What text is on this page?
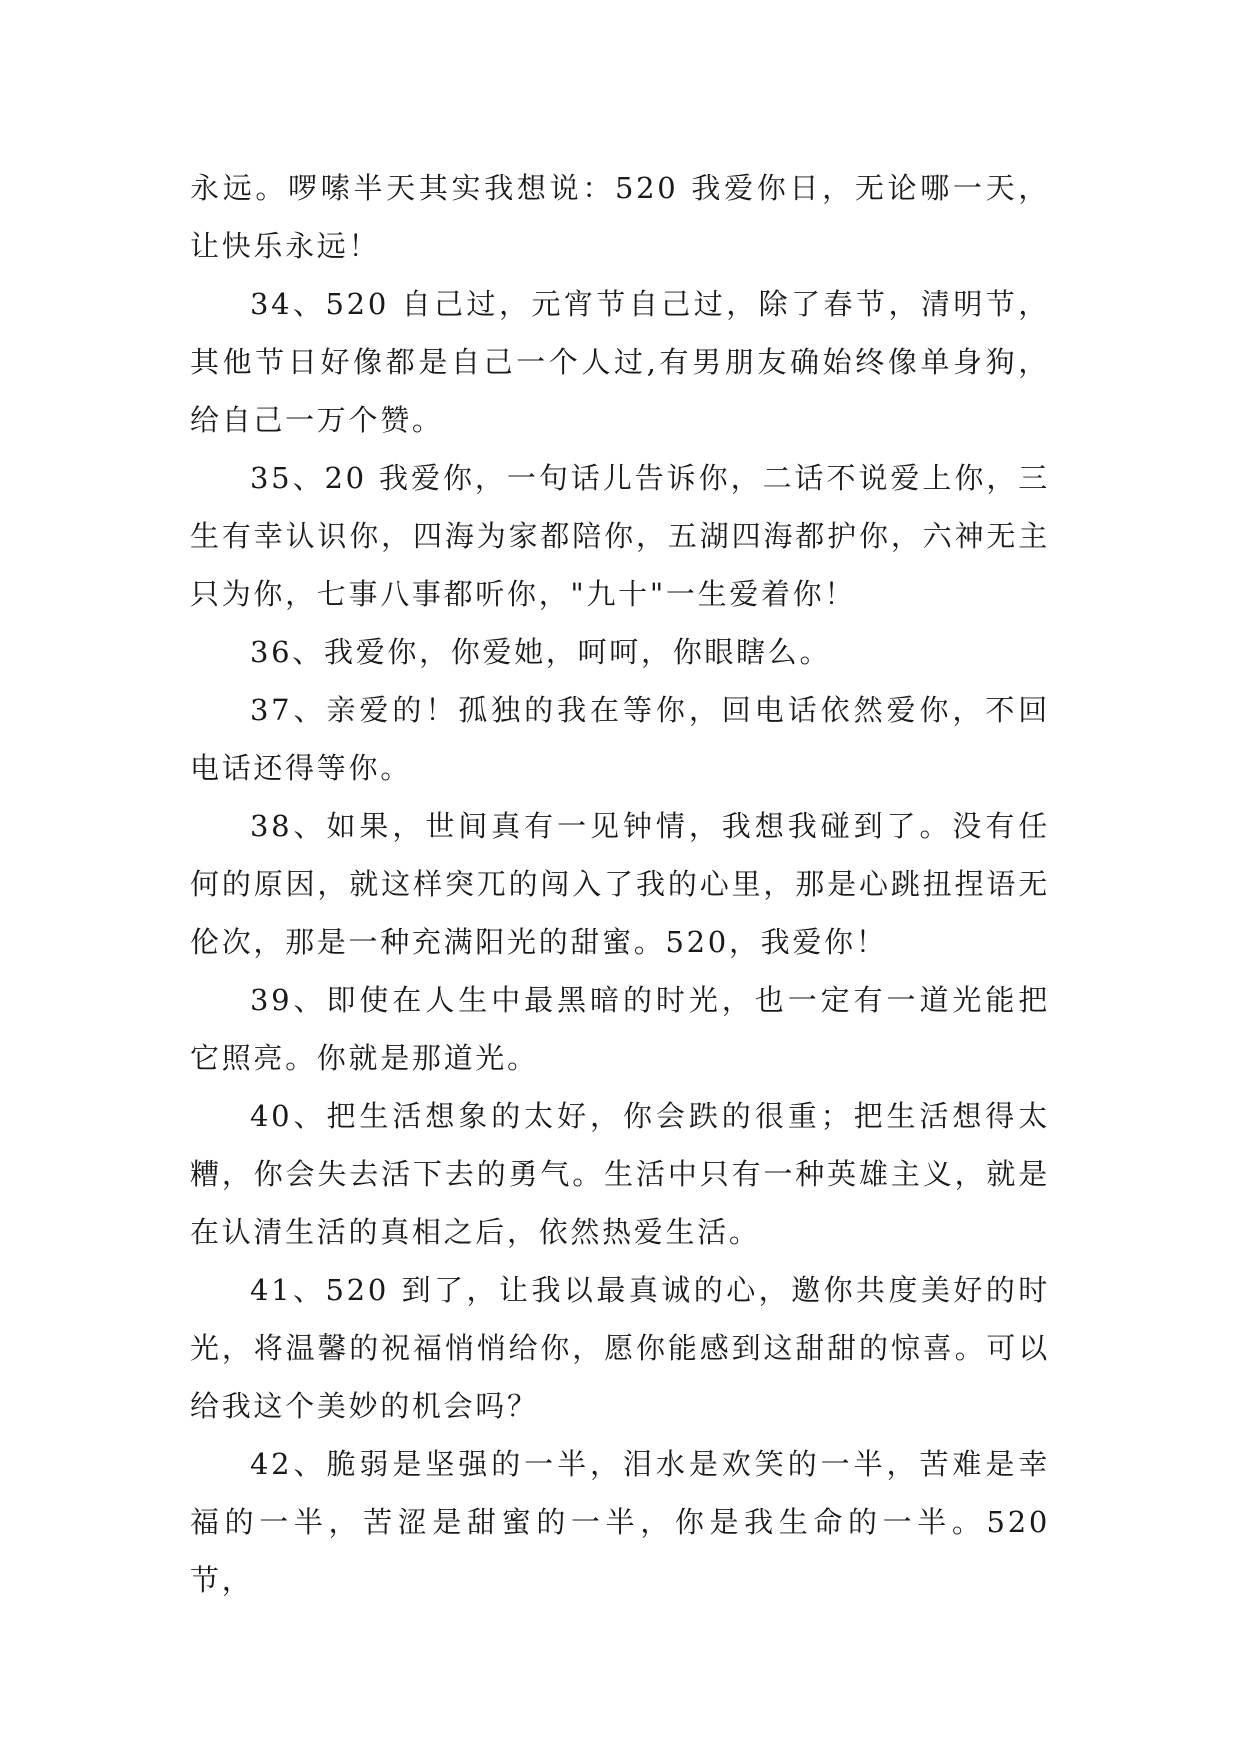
永远。啰嗦半天其实我想说：520 我爱你日，无论哪一天，让快乐永远！

34、520 自己过，元宵节自己过，除了春节，清明节，其他节日好像都是自己一个人过,有男朋友确始终像单身狗，给自己一万个赞。

35、20 我爱你，一句话儿告诉你，二话不说爱上你，三生有幸认识你，四海为家都陪你，五湖四海都护你，六神无主只为你，七事八事都听你，"九十"一生爱着你！

36、我爱你，你爱她，呵呵，你眼瞎么。

37、亲爱的！孤独的我在等你，回电话依然爱你，不回电话还得等你。

38、如果，世间真有一见钟情，我想我碰到了。没有任何的原因，就这样突兀的闯入了我的心里，那是心跳扭捏语无伦次，那是一种充满阳光的甜蜜。520，我爱你！

39、即使在人生中最黑暗的时光，也一定有一道光能把它照亮。你就是那道光。

40、把生活想象的太好，你会跌的很重；把生活想得太糟，你会失去活下去的勇气。生活中只有一种英雄主义，就是在认清生活的真相之后，依然热爱生活。

41、520 到了，让我以最真诚的心，邀你共度美好的时光，将温馨的祝福悄悄给你，愿你能感到这甜甜的惊喜。可以给我这个美妙的机会吗？

42、脆弱是坚强的一半，泪水是欢笑的一半，苦难是幸福的一半，苦涩是甜蜜的一半，你是我生命的一半。520 节，
